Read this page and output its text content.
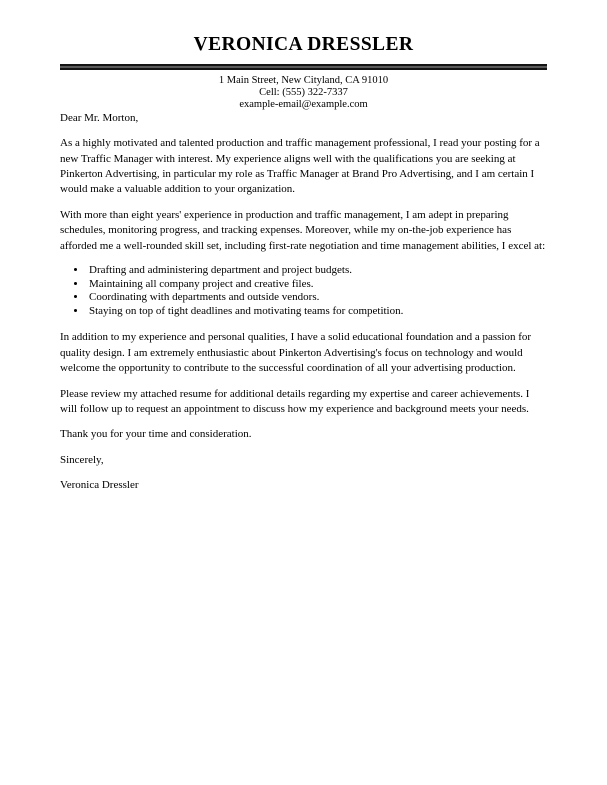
VERONICA DRESSLER
1 Main Street, New Cityland, CA 91010
Cell: (555) 322-7337
example-email@example.com

Dear Mr. Morton,

As a highly motivated and talented production and traffic management professional, I read your posting for a new Traffic Manager with interest. My experience aligns well with the qualifications you are seeking at Pinkerton Advertising, in particular my role as Traffic Manager at Brand Pro Advertising, and I am certain I would make a valuable addition to your organization.

With more than eight years' experience in production and traffic management, I am adept in preparing schedules, monitoring progress, and tracking expenses. Moreover, while my on-the-job experience has afforded me a well-rounded skill set, including first-rate negotiation and time management abilities, I excel at:

• Drafting and administering department and project budgets.
• Maintaining all company project and creative files.
• Coordinating with departments and outside vendors.
• Staying on top of tight deadlines and motivating teams for competition.

In addition to my experience and personal qualities, I have a solid educational foundation and a passion for quality design. I am extremely enthusiastic about Pinkerton Advertising's focus on technology and would welcome the opportunity to contribute to the successful coordination of all your advertising production.

Please review my attached resume for additional details regarding my expertise and career achievements. I will follow up to request an appointment to discuss how my experience and background meets your needs.

Thank you for your time and consideration.

Sincerely,

Veronica Dressler
